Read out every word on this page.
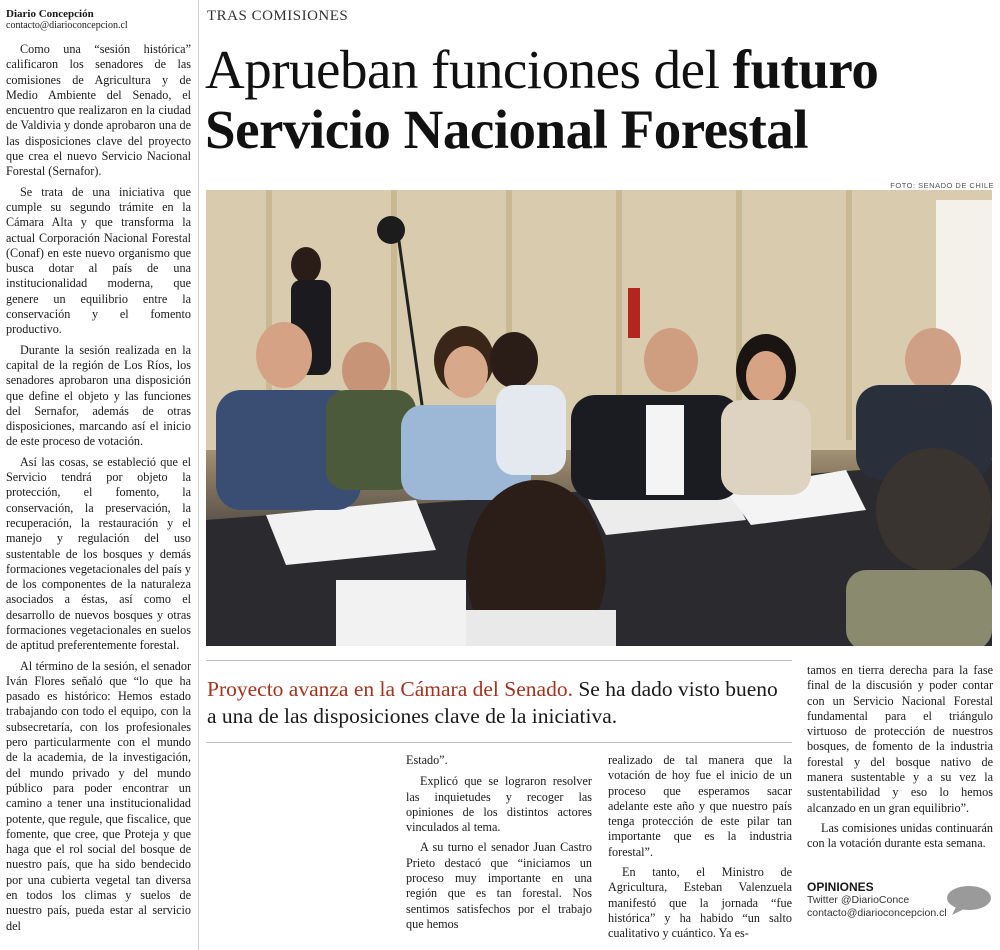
Diario Concepción
contacto@diarioconcepcion.cl

Como una “sesión histórica” calificaron los senadores de las comisiones de Agricultura y de Medio Ambiente del Senado, el encuentro que realizaron en la ciudad de Valdivia y donde aprobaron una de las disposiciones clave del proyecto que crea el nuevo Servicio Nacional Forestal (Sernafor).

Se trata de una iniciativa que cumple su segundo trámite en la Cámara Alta y que transforma la actual Corporación Nacional Forestal (Conaf) en este nuevo organismo que busca dotar al país de una institucionalidad moderna, que genere un equilibrio entre la conservación y el fomento productivo.

Durante la sesión realizada en la capital de la región de Los Ríos, los senadores aprobaron una disposición que define el objeto y las funciones del Sernafor, además de otras disposiciones, marcando así el inicio de este proceso de votación.

Así las cosas, se estableció que el Servicio tendrá por objeto la protección, el fomento, la conservación, la preservación, la recuperación, la restauración y el manejo y regulación del uso sustentable de los bosques y demás formaciones vegetacionales del país y de los componentes de la naturaleza asociados a éstas, así como el desarrollo de nuevos bosques y otras formaciones vegetacionales en suelos de aptitud preferentemente forestal.

Al término de la sesión, el senador Iván Flores señaló que “lo que ha pasado es histórico: Hemos estado trabajando con todo el equipo, con la subsecretaría, con los profesionales pero particularmente con el mundo de la academia, de la investigación, del mundo privado y del mundo público para poder encontrar un camino a tener una institucionalidad potente, que regule, que fiscalice, que fomente, que cree, que Proteja y que haga que el rol social del bosque de nuestro país, que ha sido bendecido por una cubierta vegetal tan diversa en todos los climas y suelos de nuestro país, pueda estar al servicio del

TRAS COMISIONES
Aprueban funciones del futuro Servicio Nacional Forestal
FOTO: SENADO DE CHILE
Proyecto avanza en la Cámara del Senado. Se ha dado visto bueno a una de las disposiciones clave de la iniciativa.

Estado”.

Explicó que se lograron resolver las inquietudes y recoger las opiniones de los distintos actores vinculados al tema.

A su turno el senador Juan Castro Prieto destacó que “iniciamos un proceso muy importante en una región que es tan forestal. Nos sentimos satisfechos por el trabajo que hemos

realizado de tal manera que la votación de hoy fue el inicio de un proceso que esperamos sacar adelante este año y que nuestro país tenga protección de este pilar tan importante que es la industria forestal”.

En tanto, el Ministro de Agricultura, Esteban Valenzuela manifestó que la jornada “fue histórica” y ha habido “un salto cualitativo y cuántico. Ya es-

tamos en tierra derecha para la fase final de la discusión y poder contar con un Servicio Nacional Forestal fundamental para el triángulo virtuoso de protección de nuestros bosques, de fomento de la industria forestal y del bosque nativo de manera sustentable y a su vez la sustentabilidad y eso lo hemos alcanzado en un gran equilibrio”.

Las comisiones unidas continuarán con la votación durante esta semana.

OPINIONES
Twitter @DiarioConce
contacto@diarioconcepcion.cl
